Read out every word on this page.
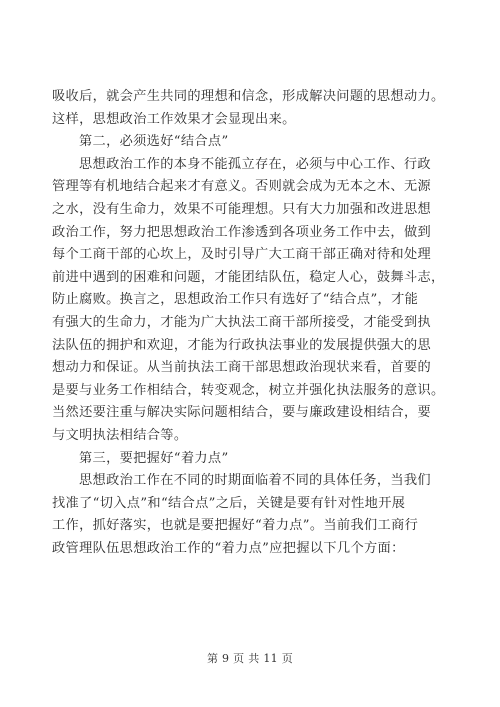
吸收后，就会产生共同的理想和信念，形成解决问题的思想动力。
这样，思想政治工作效果才会显现出来。
第二，必须选好“结合点”
思想政治工作的本身不能孤立存在，必须与中心工作、行政
管理等有机地结合起来才有意义。否则就会成为无本之木、无源
之水，没有生命力，效果不可能理想。只有大力加强和改进思想
政治工作，努力把思想政治工作渗透到各项业务工作中去，做到
每个工商干部的心坎上，及时引导广大工商干部正确对待和处理
前进中遇到的困难和问题，才能团结队伍，稳定人心，鼓舞斗志，
防止腐败。换言之，思想政治工作只有选好了“结合点”，才能
有强大的生命力，才能为广大执法工商干部所接受，才能受到执
法队伍的拥护和欢迎，才能为行政执法事业的发展提供强大的思
想动力和保证。从当前执法工商干部思想政治现状来看，首要的
是要与业务工作相结合，转变观念，树立并强化执法服务的意识。
当然还要注重与解决实际问题相结合，要与廉政建设相结合，要
与文明执法相结合等。
第三，要把握好“着力点”
思想政治工作在不同的时期面临着不同的具体任务，当我们
找准了“切入点”和“结合点”之后，关键是要有针对性地开展
工作，抓好落实，也就是要把握好“着力点”。当前我们工商行
政管理队伍思想政治工作的“着力点”应把握以下几个方面：
第 9 页 共 11 页
